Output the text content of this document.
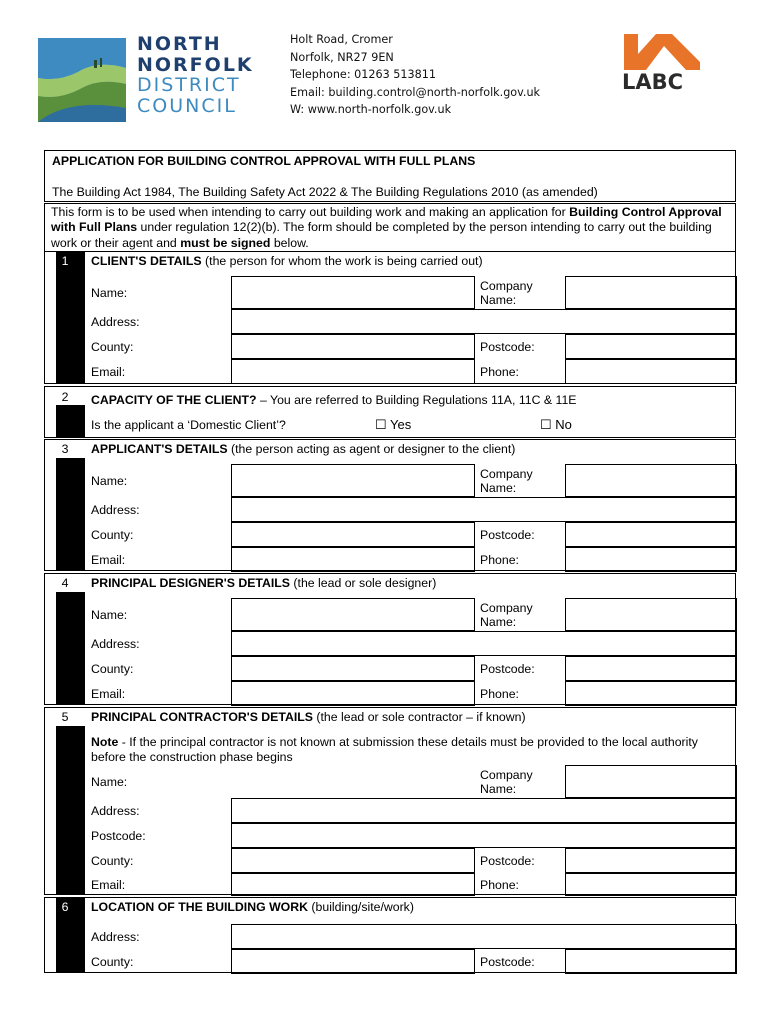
NORTH
NORFOLK
DISTRICT
COUNCIL
Holt Road, Cromer
Norfolk, NR27 9EN
Telephone: 01263 513811
Email: building.control@north-norfolk.gov.uk
W: www.north-norfolk.gov.uk
LABC
APPLICATION FOR BUILDING CONTROL APPROVAL WITH FULL PLANS
The Building Act 1984, The Building Safety Act 2022 & The Building Regulations 2010 (as amended)
This form is to be used when intending to carry out building work and making an application for Building Control Approval with Full Plans under regulation 12(2)(b). The form should be completed by the person intending to carry out the building work or their agent and must be signed below.
1	CLIENT'S DETAILS (the person for whom the work is being carried out)
Name:	Company Name:
Address:
County:	Postcode:
Email:	Phone:
2	CAPACITY OF THE CLIENT? – You are referred to Building Regulations 11A, 11C & 11E
Is the applicant a ‘Domestic Client’?	☐ Yes	☐ No
3	APPLICANT'S DETAILS (the person acting as agent or designer to the client)
Name:	Company Name:
Address:
County:	Postcode:
Email:	Phone:
4	PRINCIPAL DESIGNER'S DETAILS (the lead or sole designer)
Name:	Company Name:
Address:
County:	Postcode:
Email:	Phone:
5	PRINCIPAL CONTRACTOR'S DETAILS (the lead or sole contractor – if known)
Note - If the principal contractor is not known at submission these details must be provided to the local authority before the construction phase begins
Name:	Company Name:
Address:
Postcode:
County:	Postcode:
Email:	Phone:
6	LOCATION OF THE BUILDING WORK (building/site/work)
Address:
County:	Postcode:
